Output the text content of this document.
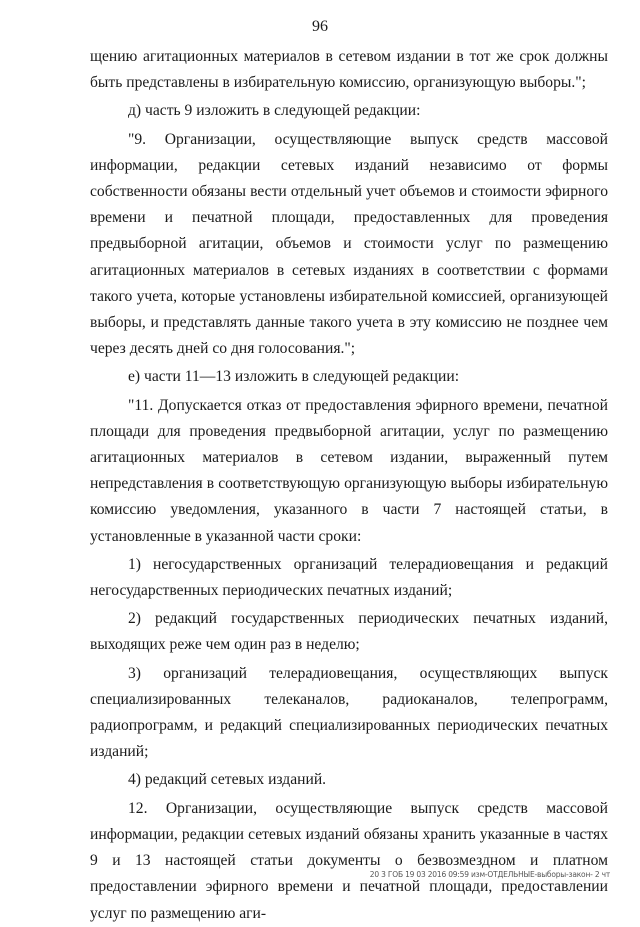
96

щению агитационных материалов в сетевом издании в тот же срок должны быть представлены в избирательную комиссию, организующую выборы.";

д) часть 9 изложить в следующей редакции:

"9. Организации, осуществляющие выпуск средств массовой информации, редакции сетевых изданий независимо от формы собственности обязаны вести отдельный учет объемов и стоимости эфирного времени и печатной площади, предоставленных для проведения предвыборной агитации, объемов и стоимости услуг по размещению агитационных материалов в сетевых изданиях в соответствии с формами такого учета, которые установлены избирательной комиссией, организующей выборы, и представлять данные такого учета в эту комиссию не позднее чем через десять дней со дня голосования.";

е) части 11—13 изложить в следующей редакции:

"11. Допускается отказ от предоставления эфирного времени, печатной площади для проведения предвыборной агитации, услуг по размещению агитационных материалов в сетевом издании, выраженный путем непредставления в соответствующую организующую выборы избирательную комиссию уведомления, указанного в части 7 настоящей статьи, в установленные в указанной части сроки:

1) негосударственных организаций телерадиовещания и редакций негосударственных периодических печатных изданий;

2) редакций государственных периодических печатных изданий, выходящих реже чем один раз в неделю;

3) организаций телерадиовещания, осуществляющих выпуск специализированных телеканалов, радиоканалов, телепрограмм, радиопрограмм, и редакций специализированных периодических печатных изданий;

4) редакций сетевых изданий.

12. Организации, осуществляющие выпуск средств массовой информации, редакции сетевых изданий обязаны хранить указанные в частях 9 и 13 настоящей статьи документы о безвозмездном и платном предоставлении эфирного времени и печатной площади, предоставлении услуг по размещению аги-

20 3 ГОБ 19 03 2016 09:59 изм-ОТДЕЛЬНЫЕ-выборы-закон- 2 чт
